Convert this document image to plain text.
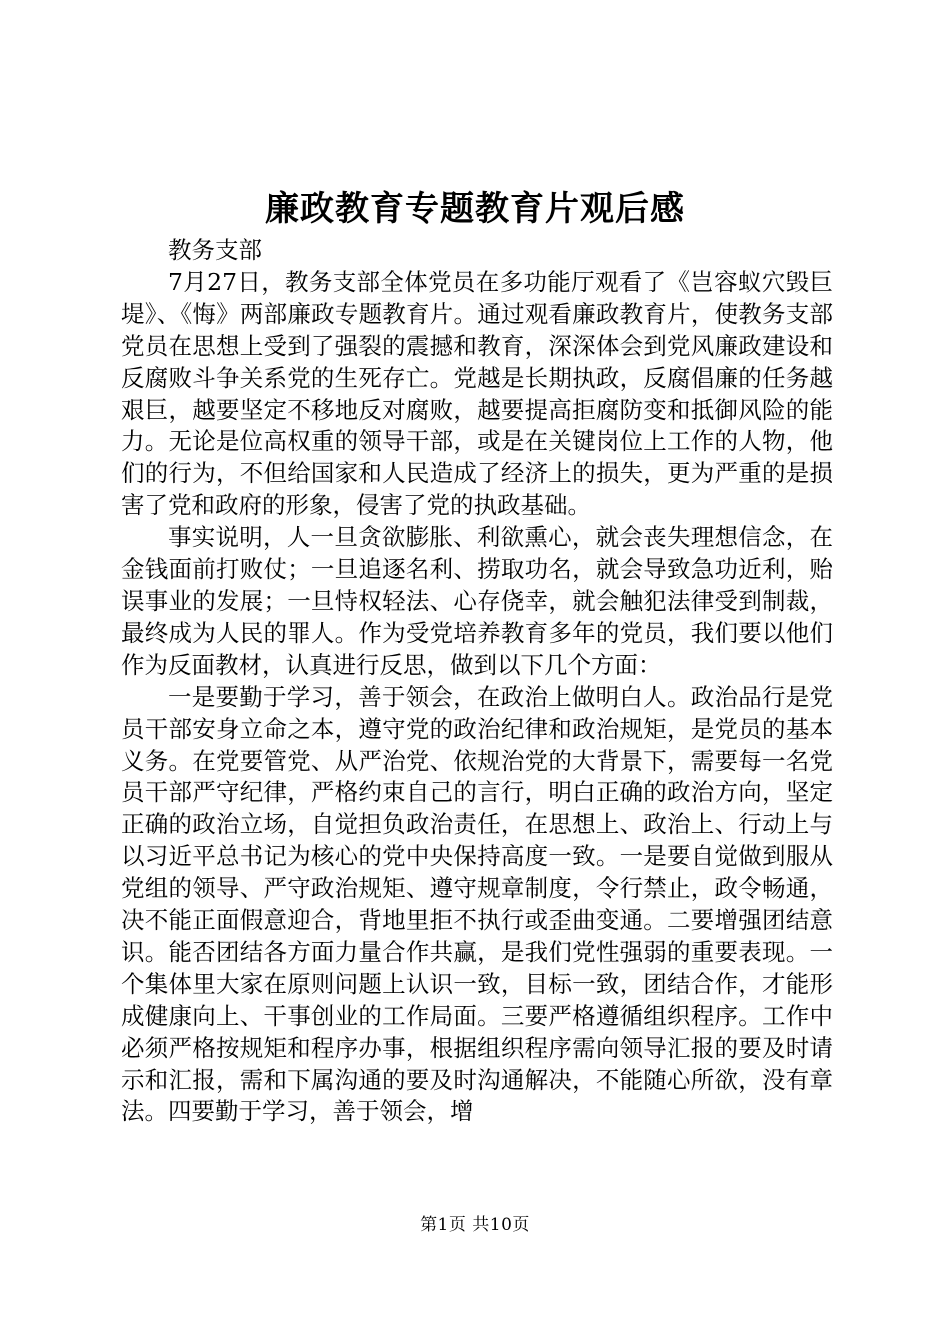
廉政教育专题教育片观后感

教务支部

7月27日，教务支部全体党员在多功能厅观看了《岂容蚁穴毁巨堤》、《悔》两部廉政专题教育片。通过观看廉政教育片，使教务支部党员在思想上受到了强裂的震撼和教育，深深体会到党风廉政建设和反腐败斗争关系党的生死存亡。党越是长期执政，反腐倡廉的任务越艰巨，越要坚定不移地反对腐败，越要提高拒腐防变和抵御风险的能力。无论是位高权重的领导干部，或是在关键岗位上工作的人物，他们的行为，不但给国家和人民造成了经济上的损失，更为严重的是损害了党和政府的形象，侵害了党的执政基础。

事实说明，人一旦贪欲膨胀、利欲熏心，就会丧失理想信念，在金钱面前打败仗；一旦追逐名利、捞取功名，就会导致急功近利，贻误事业的发展；一旦恃权轻法、心存侥幸，就会触犯法律受到制裁，最终成为人民的罪人。作为受党培养教育多年的党员，我们要以他们作为反面教材，认真进行反思，做到以下几个方面：

一是要勤于学习，善于领会，在政治上做明白人。政治品行是党员干部安身立命之本，遵守党的政治纪律和政治规矩，是党员的基本义务。在党要管党、从严治党、依规治党的大背景下，需要每一名党员干部严守纪律，严格约束自己的言行，明白正确的政治方向，坚定正确的政治立场，自觉担负政治责任，在思想上、政治上、行动上与以习近平总书记为核心的党中央保持高度一致。一是要自觉做到服从党组的领导、严守政治规矩、遵守规章制度，令行禁止，政令畅通，决不能正面假意迎合，背地里拒不执行或歪曲变通。二要增强团结意识。能否团结各方面力量合作共赢，是我们党性强弱的重要表现。一个集体里大家在原则问题上认识一致，目标一致，团结合作，才能形成健康向上、干事创业的工作局面。三要严格遵循组织程序。工作中必须严格按规矩和程序办事，根据组织程序需向领导汇报的要及时请示和汇报，需和下属沟通的要及时沟通解决，不能随心所欲，没有章法。四要勤于学习，善于领会，增

第1页 共10页
